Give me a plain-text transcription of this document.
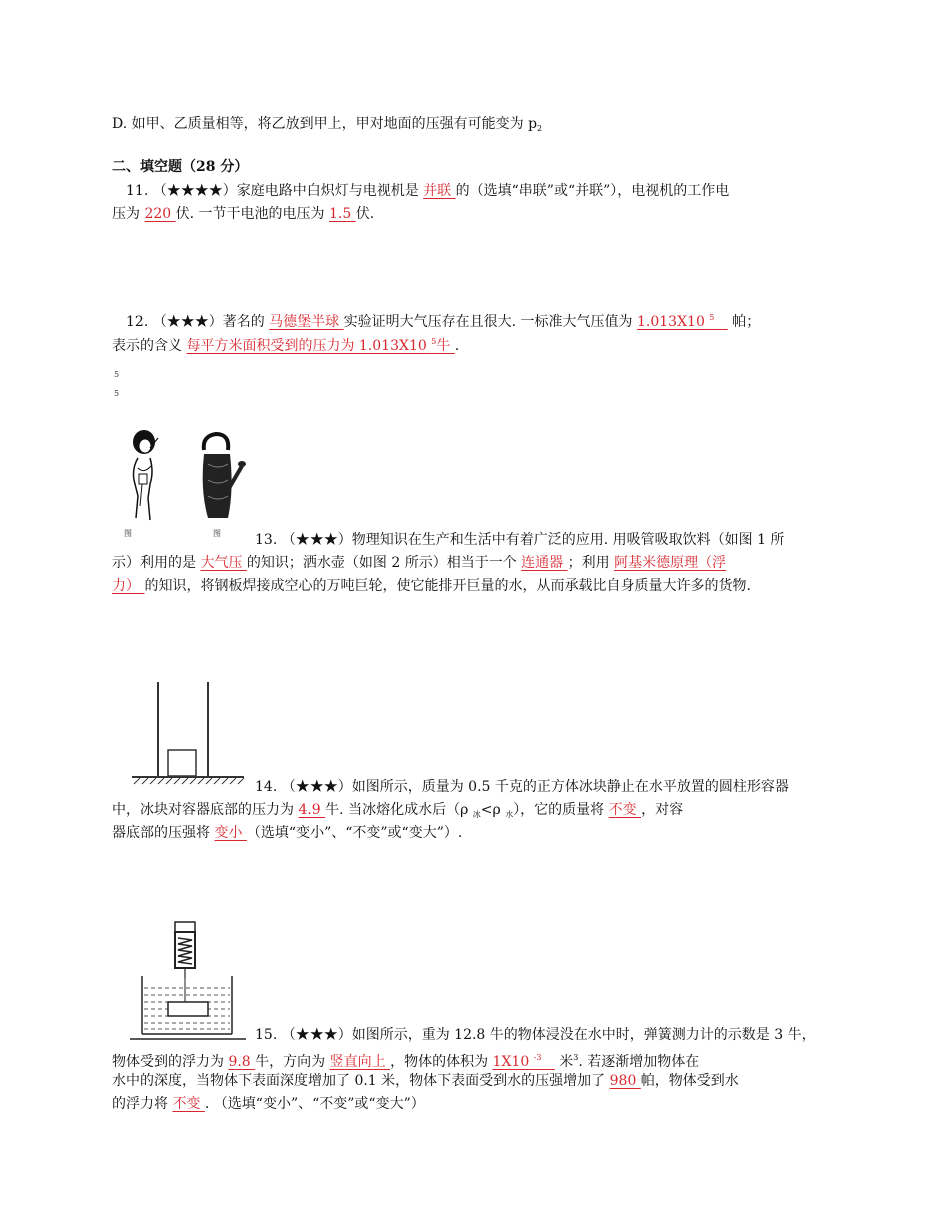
D. 如甲、乙质量相等，将乙放到甲上，甲对地面的压强有可能变为 $p_2$
二、填空题（28 分）
11. （★★★★）家庭电路中白炽灯与电视机是 并联 的（选填“串联”或“并联”），电视机的工作电
压为 220 伏. 一节干电池的电压为 1.5 伏.
12. （★★★）著名的 马德堡半球 实验证明大气压存在且很大. 一标准大气压值为 1.013X10 $^5$    帕；
表示的含义 每平方米面积受到的压力为 1.013X10 $^5$牛 .
5
5
图	图 13. （★★★）物理知识在生产和生活中有着广泛的应用. 用吸管吸取饮料（如图 1 所
示）利用的是 大气压 的知识；洒水壶（如图 2 所示）相当于一个 连通器 ；利用 阿基米德原理（浮
力） 的知识，将钢板焊接成空心的万吨巨轮，使它能排开巨量的水，从而承载比自身质量大许多的货物.
14. （★★★）如图所示，质量为 0.5 千克的正方体冰块静止在水平放置的圆柱形容器
中，冰块对容器底部的压力为 4.9 牛. 当冰熔化成水后（ρ $_冰$<ρ $_水$），它的质量将 不变 ，对容
器底部的压强将 变小 （选填“变小”、“不变”或“变大”）.
15. （★★★）如图所示，重为 12.8 牛的物体浸没在水中时，弹簧测力计的示数是 3 牛，
物体受到的浮力为 9.8 牛，方向为 竖直向上 ，物体的体积为 1X10 $^{-3}$    米$^3$. 若逐渐增加物体在
水中的深度，当物体下表面深度增加了 0.1 米，物体下表面受到水的压强增加了 980 帕，物体受到水
的浮力将 不变 . （选填“变小”、“不变”或“变大”）
